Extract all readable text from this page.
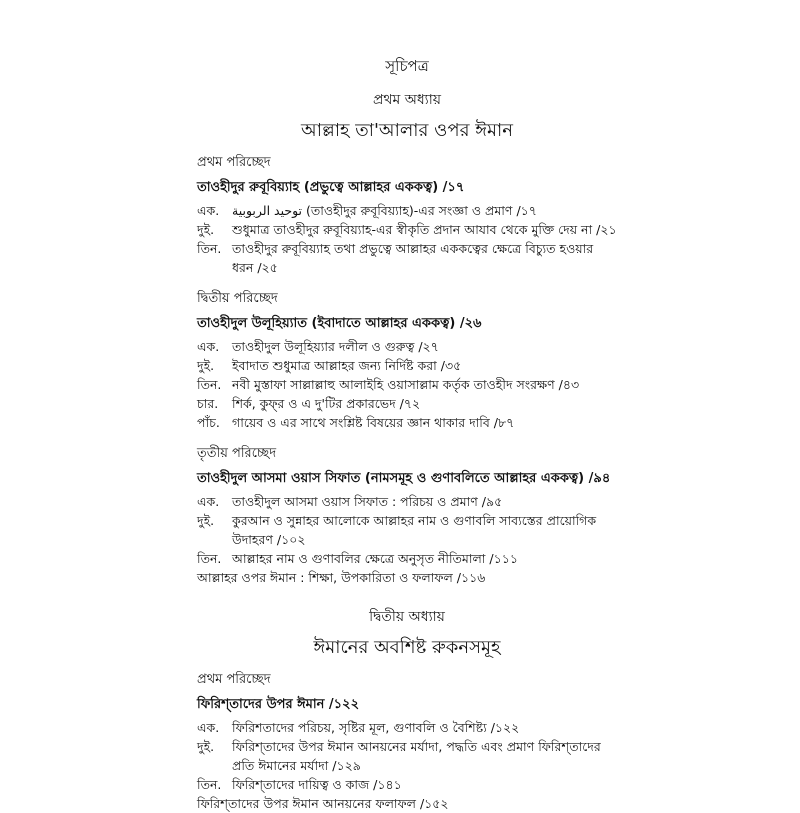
সূচিপত্র
প্রথম অধ্যায়
আল্লাহ তা'আলার ওপর ঈমান
প্রথম পরিচ্ছেদ
তাওহীদুর রুবূবিয়্যাহ (প্রভুত্বে আল্লাহর এককত্ব) /১৭
এক.	توحيد الربوبية (তাওহীদুর রুবূবিয়্যাহ)-এর সংজ্ঞা ও প্রমাণ /১৭
দুই.	শুধুমাত্র তাওহীদুর রুবূবিয়্যাহ-এর স্বীকৃতি প্রদান আযাব থেকে মুক্তি দেয় না /২১
তিন. তাওহীদুর রুবূবিয়্যাহ তথা প্রভুত্বে আল্লাহর এককত্বের ক্ষেত্রে বিচ্যুত হওয়ার ধরন /২৫
দ্বিতীয় পরিচ্ছেদ
তাওহীদুল উলূহিয়্যাত (ইবাদাতে আল্লাহর এককত্ব) /২৬
এক.	তাওহীদুল উলূহিয়্যার দলীল ও গুরুত্ব /২৭
দুই.	ইবাদাত শুধুমাত্র আল্লাহর জন্য নির্দিষ্ট করা /৩৫
তিন. নবী মুস্তাফা সাল্লাল্লাহু আলাইহি ওয়াসাল্লাম কর্তৃক তাওহীদ সংরক্ষণ /৪৩
চার.	শির্ক, কুফ্‌র ও এ দু'টির প্রকারভেদ /৭২
পাঁচ. গায়েব ও এর সাথে সংশ্লিষ্ট বিষয়ের জ্ঞান থাকার দাবি /৮৭
তৃতীয় পরিচ্ছেদ
তাওহীদুল আসমা ওয়াস সিফাত (নামসমূহ ও গুণাবলিতে আল্লাহর এককত্ব) /৯৪
এক.	তাওহীদুল আসমা ওয়াস সিফাত : পরিচয় ও প্রমাণ /৯৫
দুই.	কুরআন ও সুন্নাহর আলোকে আল্লাহর নাম ও গুণাবলি সাব্যস্তের প্রায়োগিক উদাহরণ /১০২
তিন. আল্লাহর নাম ও গুণাবলির ক্ষেত্রে অনুসৃত নীতিমালা /১১১
আল্লাহর ওপর ঈমান : শিক্ষা, উপকারিতা ও ফলাফল /১১৬
দ্বিতীয় অধ্যায়
ঈমানের অবশিষ্ট রুকনসমূহ
প্রথম পরিচ্ছেদ
ফিরিশ্‌তাদের উপর ঈমান /১২২
এক.	ফিরিশতাদের পরিচয়, সৃষ্টির মূল, গুণাবলি ও বৈশিষ্ট্য /১২২
দুই.	ফিরিশ্‌তাদের উপর ঈমান আনয়নের মর্যাদা, পদ্ধতি এবং প্রমাণ ফিরিশ্‌তাদের প্রতি ঈমানের মর্যাদা /১২৯
তিন. ফিরিশ্‌তাদের দায়িত্ব ও কাজ /১৪১
ফিরিশ্‌তাদের উপর ঈমান আনয়নের ফলাফল /১৫২
